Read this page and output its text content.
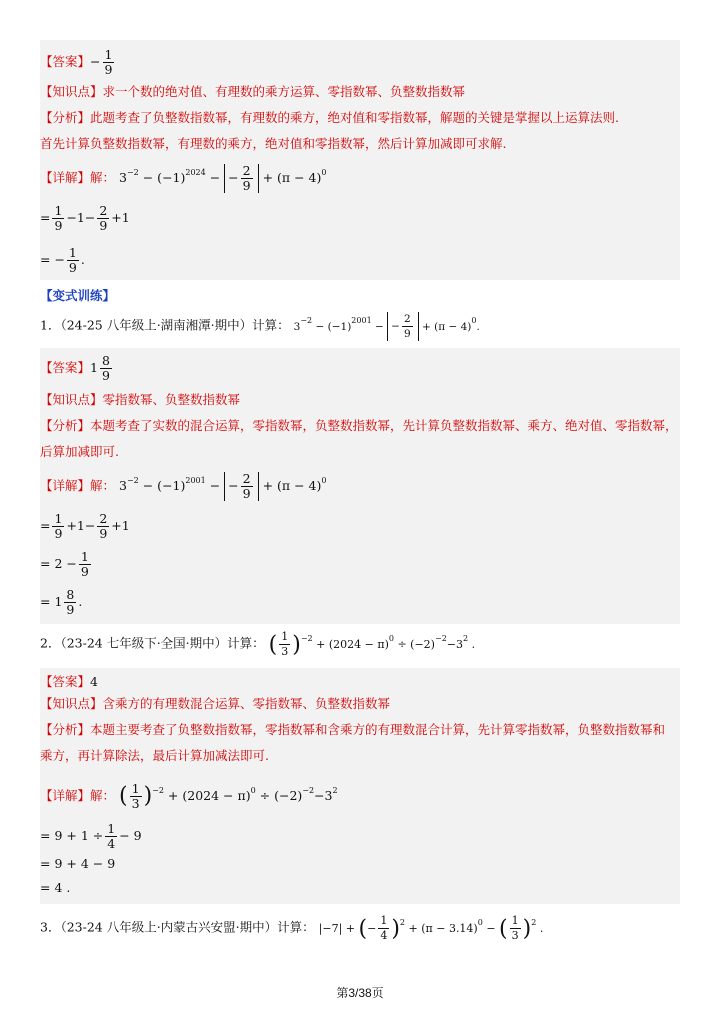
【答案】− $\frac{1}{9}$
【知识点】求一个数的绝对值、有理数的乘方运算、零指数幂、负整数指数幂
【分析】此题考查了负整数指数幂，有理数的乘方，绝对值和零指数幂，解题的关键是掌握以上运算法则.
首先计算负整数指数幂，有理数的乘方，绝对值和零指数幂，然后计算加减即可求解.
【详解】解： $3^{-2} - (-1)^{2024}$ − − $\frac{2}{9} + (\pi - 4)^0$
= $\frac{1}{9} -1- \frac{2}{9} +1$
= − $\frac{1}{9}$ .
【变式训练】
1．（24-25 八年级上·湖南湘潭·期中）计算： $3^{-2} - (-1)^{2001}$ − − $\frac{2}{9} + (\pi - 4)^0$.
【答案】$1 \frac{8}{9}$
【知识点】零指数幂、负整数指数幂
【分析】本题考查了实数的混合运算，零指数幂，负整数指数幂，先计算负整数指数幂、乘方、绝对值、零指数幂，
后算加减即可.
【详解】解： $3^{-2} - (-1)^{2001}$ − − $\frac{2}{9} + (\pi - 4)^0$
= $\frac{1}{9} +1- \frac{2}{9} +1$
= $2 - \frac{1}{9}$
= $1 \frac{8}{9}$ .
2．（23-24 七年级下·全国·期中）计算： ( $\frac{1}{3} )^{-2} + (2024 - \pi)^0 \div (-2)^{-2}-3^2$ .
【答案】4
【知识点】含乘方的有理数混合运算、零指数幂、负整数指数幂
【分析】本题主要考查了负整数指数幂，零指数幂和含乘方的有理数混合计算，先计算零指数幂，负整数指数幂和
乘方，再计算除法，最后计算加减法即可.
【详解】解： ( $\frac{1}{3} )^{-2} + (2024 - \pi)^0 \div (-2)^{-2}-3^2$
= $9 + 1 \div \frac{1}{4} - 9$
= 9 + 4 − 9
= 4 .
3．（23-24 八年级上·内蒙古兴安盟·期中）计算： |−7| + (− $\frac{1}{4} )^2 + (\pi - 3.14)^0$ − ( $\frac{1}{3} )^2$ .
第3/38页
